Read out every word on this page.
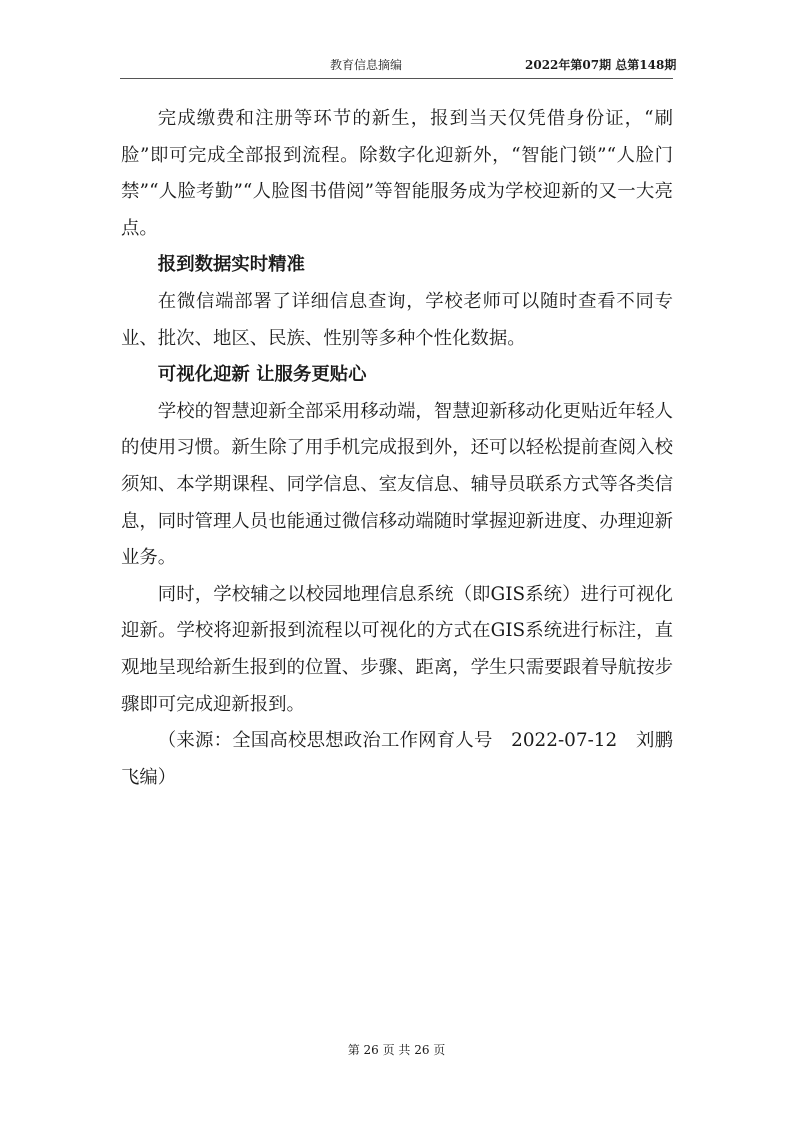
教育信息摘编	2022年第07期 总第148期

完成缴费和注册等环节的新生，报到当天仅凭借身份证，“刷脸”即可完成全部报到流程。除数字化迎新外，“智能门锁”“人脸门禁”“人脸考勤”“人脸图书借阅”等智能服务成为学校迎新的又一大亮点。

报到数据实时精准

在微信端部署了详细信息查询，学校老师可以随时查看不同专业、批次、地区、民族、性别等多种个性化数据。

可视化迎新 让服务更贴心

学校的智慧迎新全部采用移动端，智慧迎新移动化更贴近年轻人的使用习惯。新生除了用手机完成报到外，还可以轻松提前查阅入校须知、本学期课程、同学信息、室友信息、辅导员联系方式等各类信息，同时管理人员也能通过微信移动端随时掌握迎新进度、办理迎新业务。

同时，学校辅之以校园地理信息系统（即GIS系统）进行可视化迎新。学校将迎新报到流程以可视化的方式在GIS系统进行标注，直观地呈现给新生报到的位置、步骤、距离，学生只需要跟着导航按步骤即可完成迎新报到。

（来源：全国高校思想政治工作网育人号　2022-07-12　刘鹏飞编）

第 26 页 共 26 页
